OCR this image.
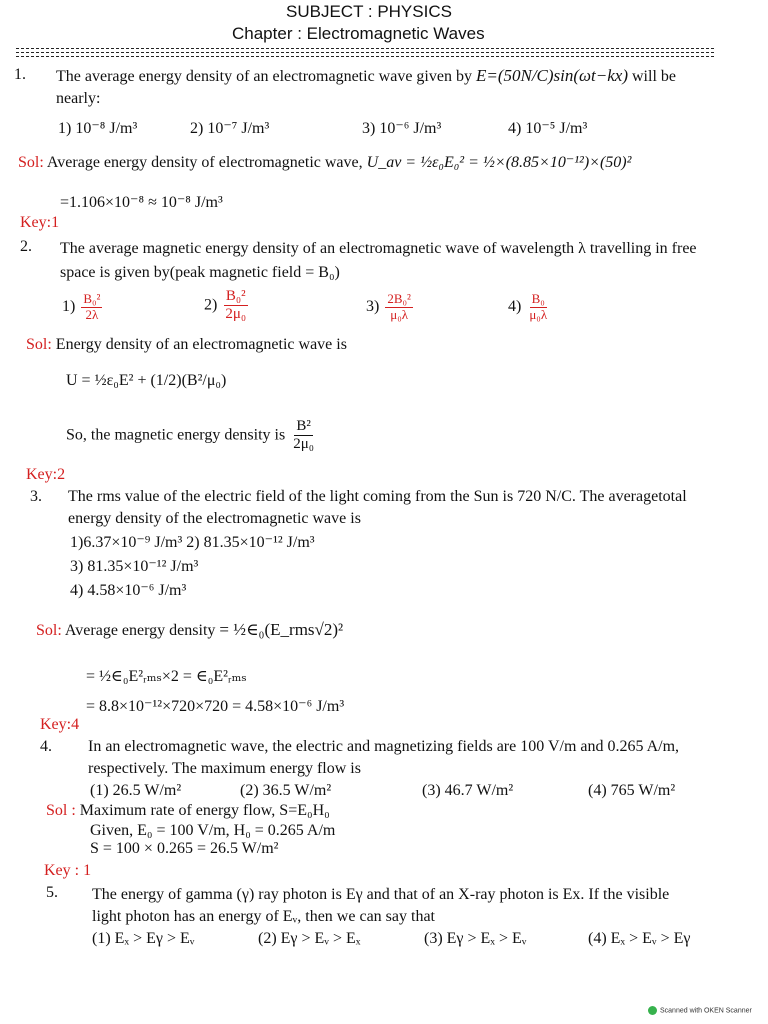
SUBJECT : PHYSICS
Chapter : Electromagnetic Waves
1. The average energy density of an electromagnetic wave given by E=(50N/C)sin(ωt−kx) will be
nearly:
1) 10⁻⁸ J/m³	2) 10⁻⁷ J/m³	3) 10⁻⁶ J/m³	4) 10⁻⁵ J/m³
Sol: Average energy density of electromagnetic wave, U_av = ½ε₀E₀² = ½×(8.85×10⁻¹²)×(50)²
=1.106×10⁻⁸ ≈ 10⁻⁸ J/m³
Key:1
2. The average magnetic energy density of an electromagnetic wave of wavelength λ travelling in free
space is given by(peak magnetic field = B₀)
$1) \frac{\text{B₀²}}{2\lambda}$	$2) \frac{\text{B₀²}}{\text{2μ₀}}$	$3) \frac{\text{2B₀²}}{\text{μ₀λ}}$	$4) \frac{\text{B₀}}{\text{μ₀λ}}$
Sol: Energy density of an electromagnetic wave is
U = ½ε₀E² + (1/2)(B²/μ₀)
So, the magnetic energy density is $\frac{\text{B²}}{\text{2μ₀}}$
Key:2
3. The rms value of the electric field of the light coming from the Sun is 720 N/C. The averagetotal
energy density of the electromagnetic wave is
1)6.37×10⁻⁹ J/m³ 2) 81.35×10⁻¹² J/m³
3) 81.35×10⁻¹² J/m³
4) 4.58×10⁻⁶ J/m³
Sol: Average energy density = ½∈₀(E_rms√2)²
= ½∈₀E²ᵣₘₛ×2 = ∈₀E²ᵣₘₛ
= 8.8×10⁻¹²×720×720 = 4.58×10⁻⁶ J/m³
Key:4
4. In an electromagnetic wave, the electric and magnetizing fields are 100 V/m and 0.265 A/m,
respectively. The maximum energy flow is
(1) 26.5 W/m²	(2) 36.5 W/m²	(3) 46.7 W/m²	(4) 765 W/m²
Sol : Maximum rate of energy flow, S=E₀H₀
Given, E₀ = 100 V/m, H₀ = 0.265 A/m
S = 100 × 0.265 = 26.5 W/m²
Key : 1
5. The energy of gamma (γ) ray photon is Eγ and that of an X-ray photon is Ex. If the visible
light photon has an energy of Eᵥ, then we can say that
(1) Eₓ > Eγ > Eᵥ	(2) Eγ > Eᵥ > Eₓ	(3) Eγ > Eₓ > Eᵥ	(4) Eₓ > Eᵥ > Eγ
Scanned with OKEN Scanner
